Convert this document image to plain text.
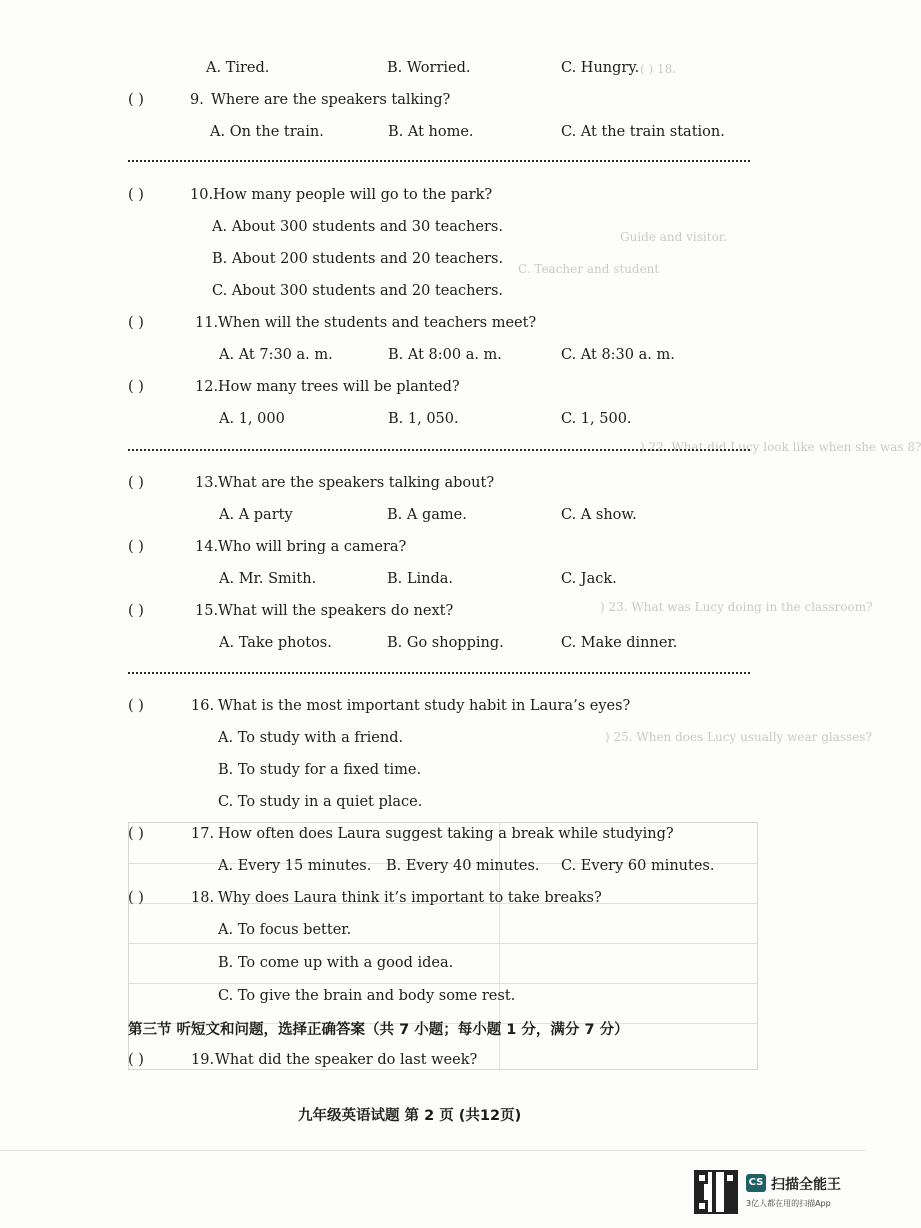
( ) 18.
Guide and visitor.
C. Teacher and student
) 22. What did Lucy look like when she was 8?
) 23. What was Lucy doing in the classroom?
) 25. When does Lucy usually wear glasses?
A. Tired.	B. Worried.	C. Hungry.
( )	9. Where are the speakers talking?
A. On the train.	B. At home.	C. At the train station.
( )	10. How many people will go to the park?
A. About 300 students and 30 teachers.
B. About 200 students and 20 teachers.
C. About 300 students and 20 teachers.
( )	11. When will the students and teachers meet?
A. At 7:30 a. m.	B. At 8:00 a. m.	C. At 8:30 a. m.
( )	12. How many trees will be planted?
A. 1, 000	B. 1, 050.	C. 1, 500.
( )	13. What are the speakers talking about?
A. A party	B. A game.	C. A show.
( )	14. Who will bring a camera?
A. Mr. Smith.	B. Linda.	C. Jack.
( )	15. What will the speakers do next?
A. Take photos.	B. Go shopping.	C. Make dinner.
( )	16. What is the most important study habit in Laura’s eyes?
A. To study with a friend.
B. To study for a fixed time.
C. To study in a quiet place.
( )	17. How often does Laura suggest taking a break while studying?
A. Every 15 minutes. B. Every 40 minutes. C. Every 60 minutes.
( )	18. Why does Laura think it’s important to take breaks?
A. To focus better.
B. To come up with a good idea.
C. To give the brain and body some rest.
第三节 听短文和问题，选择正确答案（共 7 小题；每小题 1 分，满分 7 分）
( )	19. What did the speaker do last week?
九年级英语试题 第 2 页 (共12页)
CS 扫描全能王
3亿人都在用的扫描App
